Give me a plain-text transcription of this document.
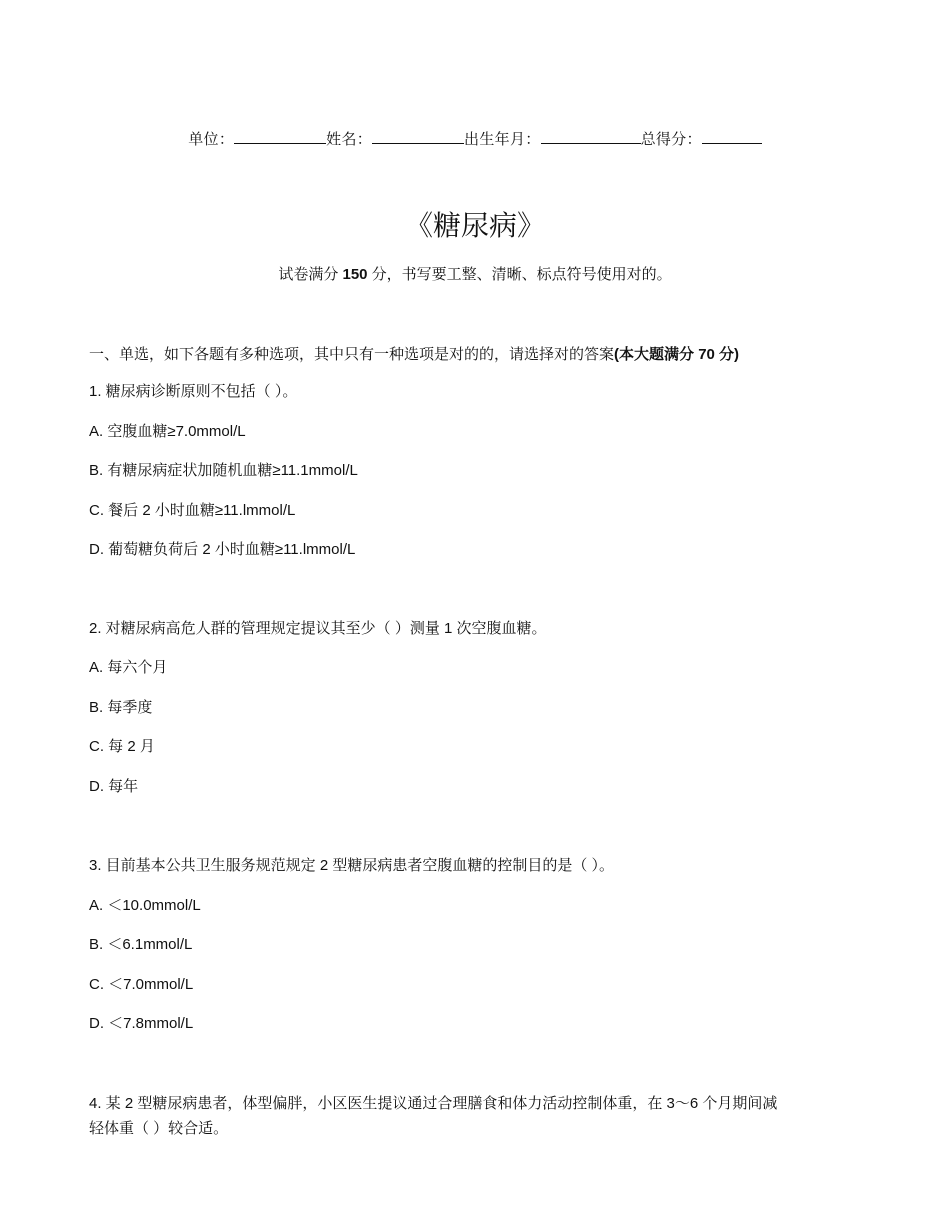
单位：	姓名：	出生年月：	总得分：
《糖尿病》
试卷满分 150 分，书写要工整、清晰、标点符号使用对的。
一、单选，如下各题有多种选项，其中只有一种选项是对的的，请选择对的答案(本大题满分 70 分)
1. 糖尿病诊断原则不包括（ ）。
A. 空腹血糖≥7.0mmol/L
B. 有糖尿病症状加随机血糖≥11.1mmol/L
C. 餐后 2 小时血糖≥11.lmmol/L
D. 葡萄糖负荷后 2 小时血糖≥11.lmmol/L
2. 对糖尿病高危人群的管理规定提议其至少（ ）测量 1 次空腹血糖。
A. 每六个月
B. 每季度
C. 每 2 月
D. 每年
3. 目前基本公共卫生服务规范规定 2 型糖尿病患者空腹血糖的控制目的是（ ）。
A. ＜10.0mmol/L
B. ＜6.1mmol/L
C. ＜7.0mmol/L
D. ＜7.8mmol/L
4. 某 2 型糖尿病患者，体型偏胖，小区医生提议通过合理膳食和体力活动控制体重，在 3～6 个月期间减
轻体重（ ）较合适。
